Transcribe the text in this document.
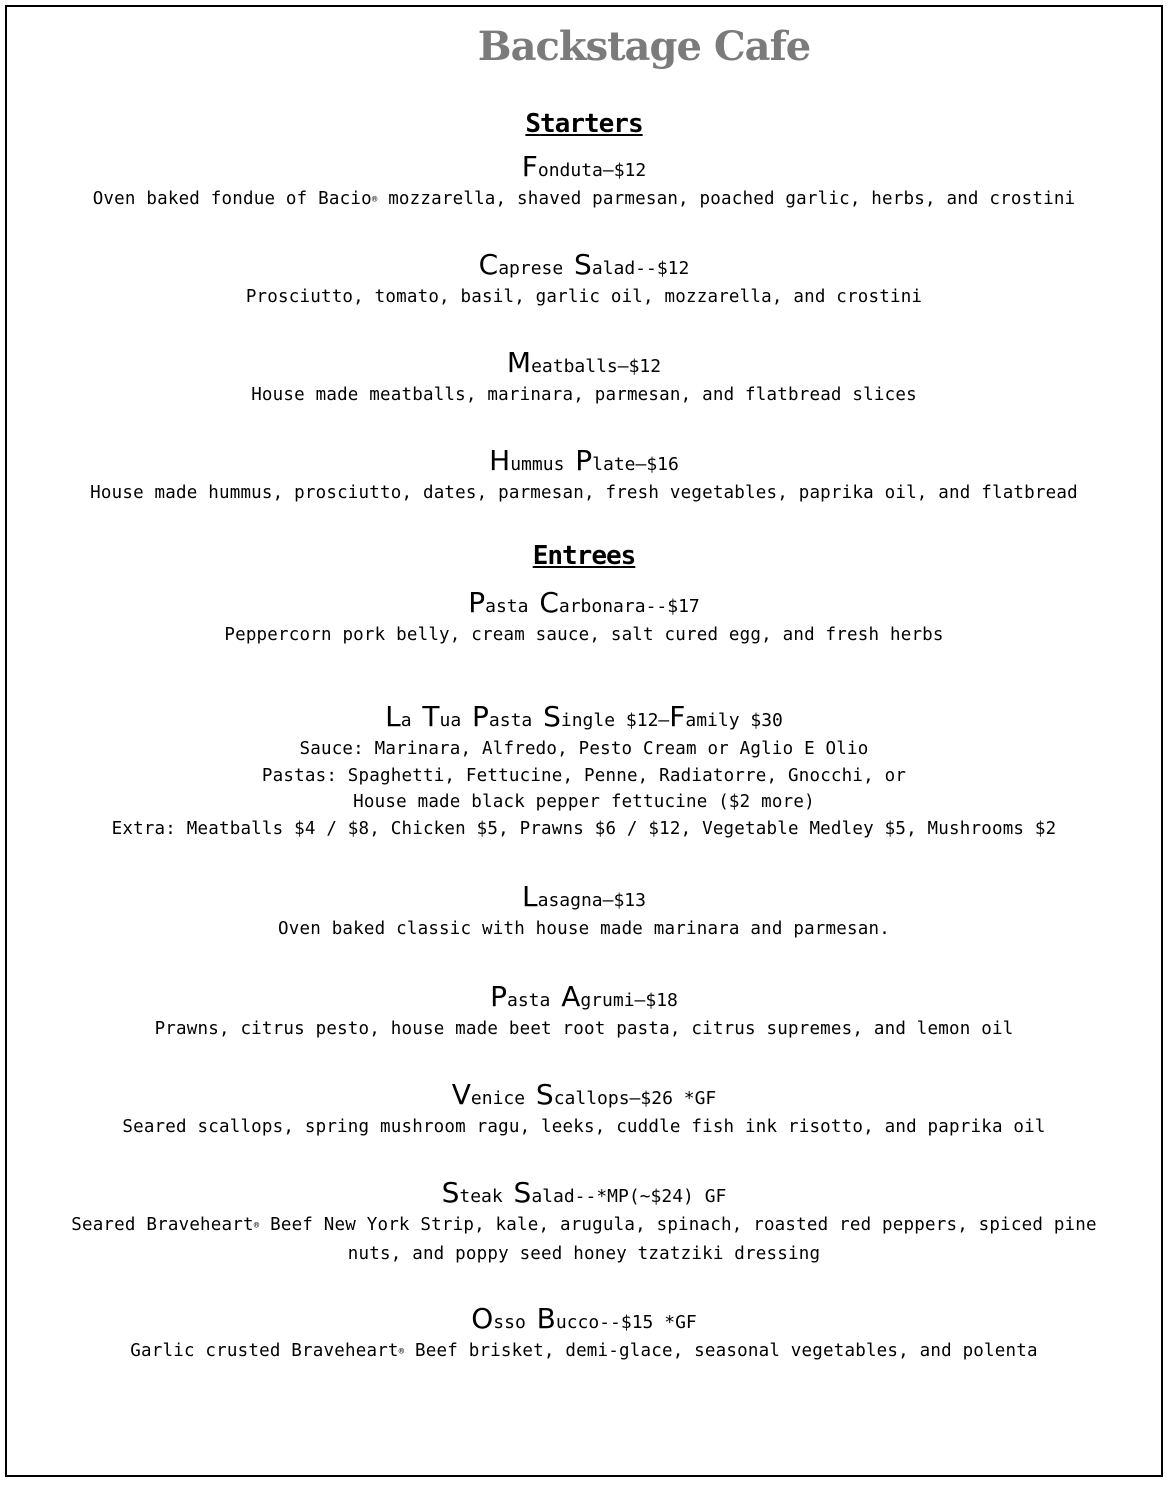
Backstage Cafe
Starters
Fonduta—$12
Oven baked fondue of Bacio® mozzarella, shaved parmesan, poached garlic, herbs, and crostini
Caprese Salad--$12
Prosciutto, tomato, basil, garlic oil, mozzarella, and crostini
Meatballs—$12
House made meatballs, marinara, parmesan, and flatbread slices
Hummus Plate—$16
House made hummus, prosciutto, dates, parmesan, fresh vegetables, paprika oil, and flatbread
Entrees
Pasta Carbonara--$17
Peppercorn pork belly, cream sauce, salt cured egg, and fresh herbs
La Tua Pasta Single $12–Family $30
Sauce: Marinara, Alfredo, Pesto Cream or Aglio E Olio
Pastas: Spaghetti, Fettucine, Penne, Radiatorre, Gnocchi, or
House made black pepper fettucine ($2 more)
Extra: Meatballs $4 / $8, Chicken $5, Prawns $6 / $12, Vegetable Medley $5, Mushrooms $2
Lasagna—$13
Oven baked classic with house made marinara and parmesan.
Pasta Agrumi—$18
Prawns, citrus pesto, house made beet root pasta, citrus supremes, and lemon oil
Venice Scallops—$26 *GF
Seared scallops, spring mushroom ragu, leeks, cuddle fish ink risotto, and paprika oil
Steak Salad--*MP(~$24) GF
Seared Braveheart® Beef New York Strip, kale, arugula, spinach, roasted red peppers, spiced pine
nuts, and poppy seed honey tzatziki dressing
Osso Bucco--$15 *GF
Garlic crusted Braveheart® Beef brisket, demi-glace, seasonal vegetables, and polenta
